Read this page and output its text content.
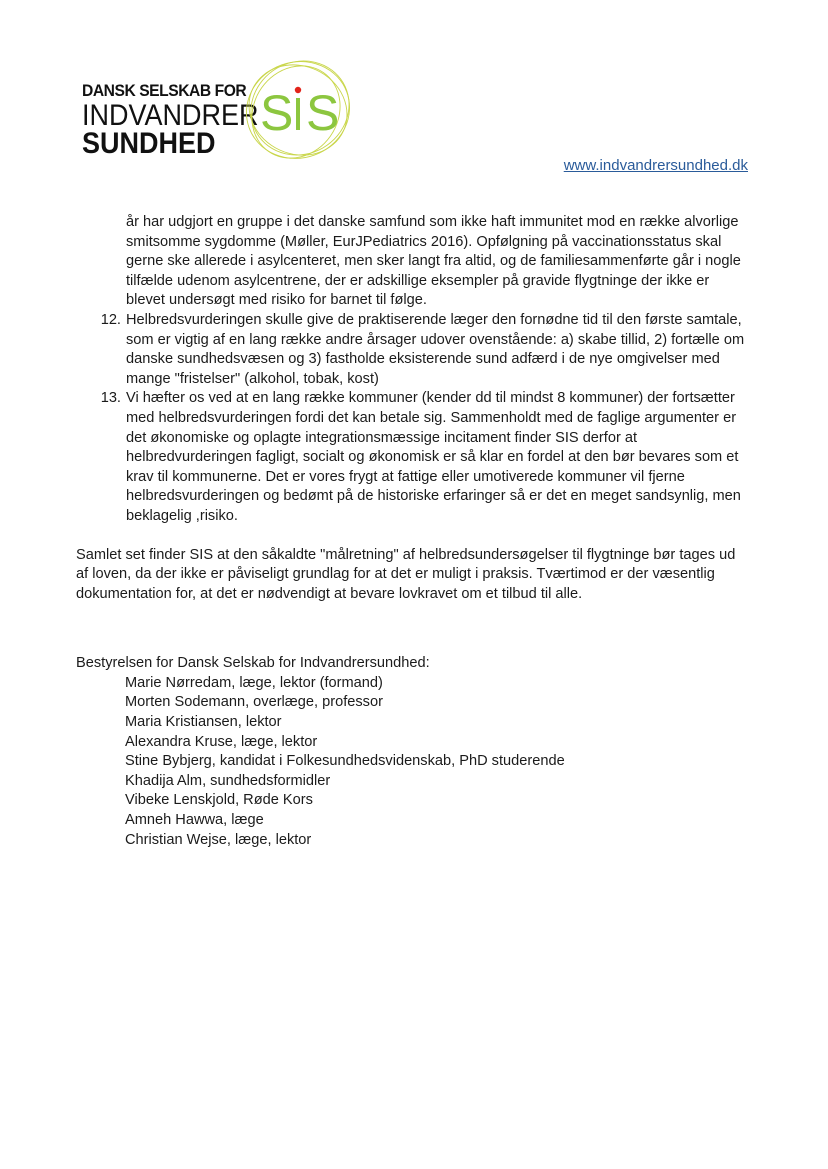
DANSK SELSKAB FOR
INDVANDRER
SUNDHED
S S
www.indvandrersundhed.dk
år har udgjort en gruppe i det danske samfund som ikke haft immunitet mod en række alvorlige smitsomme sygdomme (Møller, EurJPediatrics 2016). Opfølgning på vaccinationsstatus skal gerne ske allerede i asylcenteret, men sker langt fra altid, og de familiesammenførte går i nogle tilfælde udenom asylcentrene, der er adskillige eksempler på gravide flygtninge der ikke er blevet undersøgt med risiko for barnet til følge.
12. Helbredsvurderingen skulle give de praktiserende læger den fornødne tid til den første samtale, som er vigtig af en lang række andre årsager udover ovenstående: a) skabe tillid, 2) fortælle om danske sundhedsvæsen og 3) fastholde eksisterende sund adfærd i de nye omgivelser med mange "fristelser" (alkohol, tobak, kost)
13. Vi hæfter os ved at en lang række kommuner (kender dd til mindst 8 kommuner) der fortsætter med helbredsvurderingen fordi det kan betale sig. Sammenholdt med de faglige argumenter er det økonomiske og oplagte integrationsmæssige incitament finder SIS derfor at helbredvurderingen fagligt, socialt og økonomisk er så klar en fordel at den bør bevares som et krav til kommunerne. Det er vores frygt at fattige eller umotiverede kommuner vil fjerne helbredsvurderingen og bedømt på de historiske erfaringer så er det en meget sandsynlig, men beklagelig ,risiko.
Samlet set finder SIS at den såkaldte "målretning" af helbredsundersøgelser til flygtninge bør tages ud af loven, da der ikke er påviseligt grundlag for at det er muligt i praksis. Tværtimod er der væsentlig dokumentation for, at det er nødvendigt at bevare lovkravet om et tilbud til alle.
Bestyrelsen for Dansk Selskab for Indvandrersundhed:
Marie Nørredam, læge, lektor (formand)
Morten Sodemann, overlæge, professor
Maria Kristiansen, lektor
Alexandra Kruse, læge, lektor
Stine Bybjerg, kandidat i Folkesundhedsvidenskab, PhD studerende
Khadija Alm, sundhedsformidler
Vibeke Lenskjold, Røde Kors
Amneh Hawwa, læge
Christian Wejse, læge, lektor
